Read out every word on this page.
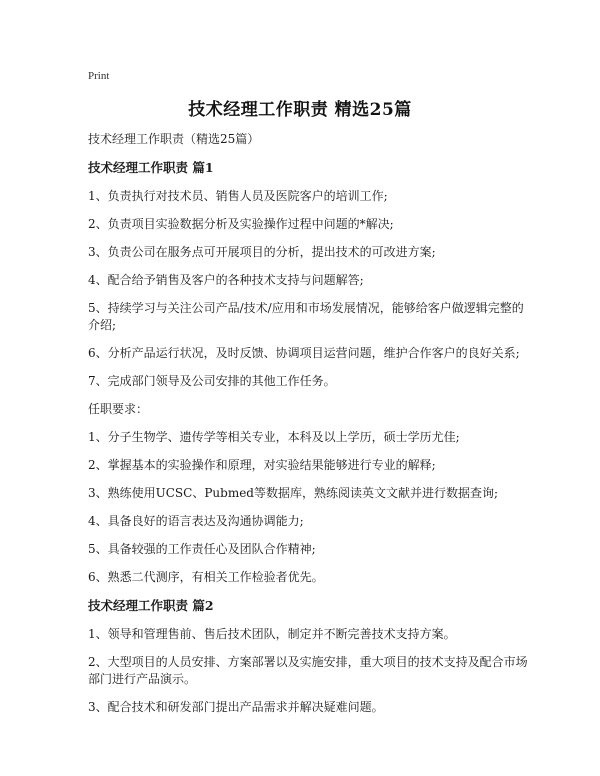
Print
技术经理工作职责 精选25篇

技术经理工作职责（精选25篇）

技术经理工作职责 篇1

1、负责执行对技术员、销售人员及医院客户的培训工作;

2、负责项目实验数据分析及实验操作过程中问题的*解决;

3、负责公司在服务点可开展项目的分析，提出技术的可改进方案;

4、配合给予销售及客户的各种技术支持与问题解答;

5、持续学习与关注公司产品/技术/应用和市场发展情况，能够给客户做逻辑完整的介绍;

6、分析产品运行状况，及时反馈、协调项目运营问题，维护合作客户的良好关系;

7、完成部门领导及公司安排的其他工作任务。

任职要求：

1、分子生物学、遗传学等相关专业，本科及以上学历，硕士学历尤佳;

2、掌握基本的实验操作和原理，对实验结果能够进行专业的解释;

3、熟练使用UCSC、Pubmed等数据库，熟练阅读英文文献并进行数据查询;

4、具备良好的语言表达及沟通协调能力;

5、具备较强的工作责任心及团队合作精神;

6、熟悉二代测序，有相关工作检验者优先。

技术经理工作职责 篇2

1、领导和管理售前、售后技术团队，制定并不断完善技术支持方案。

2、大型项目的人员安排、方案部署以及实施安排，重大项目的技术支持及配合市场部门进行产品演示。

3、配合技术和研发部门提出产品需求并解决疑难问题。
